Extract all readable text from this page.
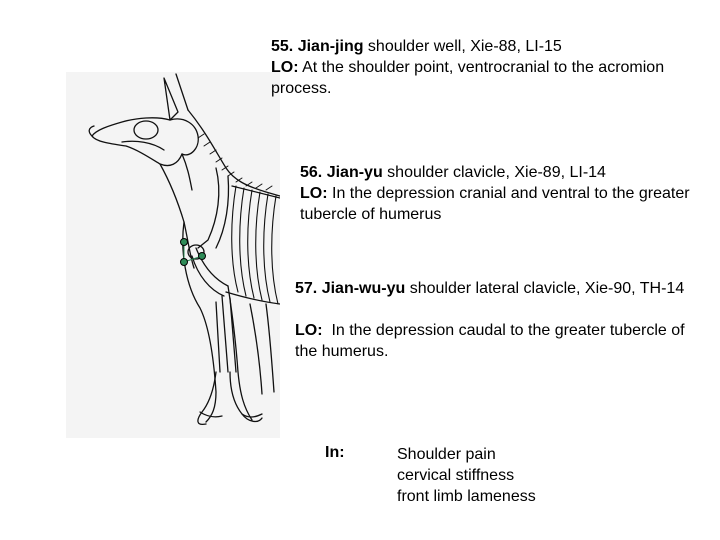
55. Jian-jing shoulder well, Xie-88, LI-15
LO: At the shoulder point, ventrocranial to the acromion process.
56. Jian-yu shoulder clavicle, Xie-89, LI-14
LO: In the depression cranial and ventral to the greater tubercle of humerus
57. Jian-wu-yu shoulder lateral clavicle, Xie-90, TH-14
LO:  In the depression caudal to the greater tubercle of the humerus.
In:	Shoulder pain
cervical stiffness
front limb lameness
